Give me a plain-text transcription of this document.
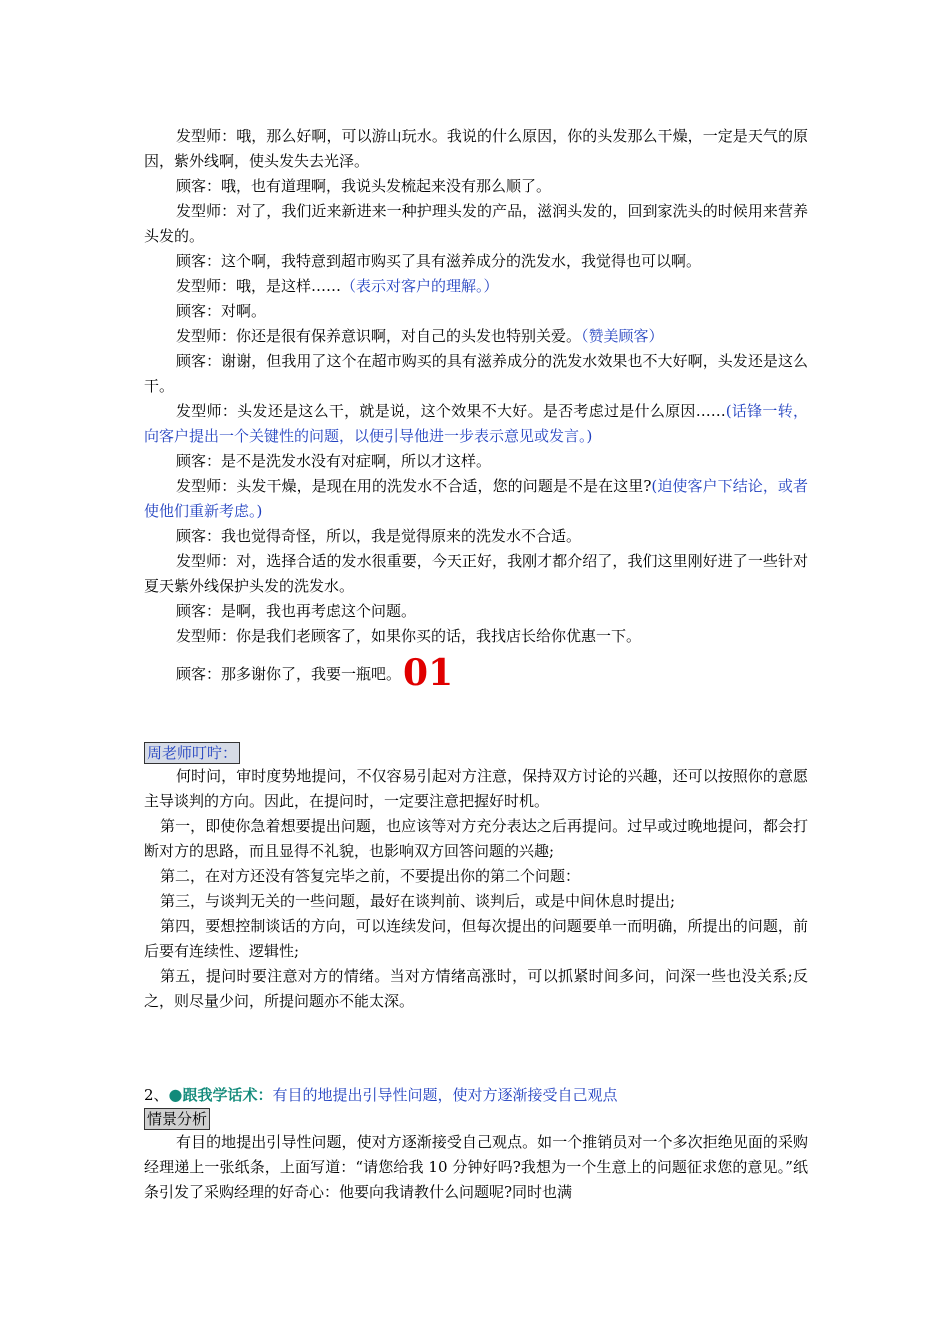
发型师：哦，那么好啊，可以游山玩水。我说的什么原因，你的头发那么干燥，一定是天气的原因，紫外线啊，使头发失去光泽。

顾客：哦，也有道理啊，我说头发梳起来没有那么顺了。

发型师：对了，我们近来新进来一种护理头发的产品，滋润头发的，回到家洗头的时候用来营养头发的。

顾客：这个啊，我特意到超市购买了具有滋养成分的洗发水，我觉得也可以啊。

发型师：哦，是这样……（表示对客户的理解。）

顾客：对啊。

发型师：你还是很有保养意识啊，对自己的头发也特别关爱。（赞美顾客）

顾客：谢谢，但我用了这个在超市购买的具有滋养成分的洗发水效果也不大好啊，头发还是这么干。

发型师：头发还是这么干，就是说，这个效果不大好。是否考虑过是什么原因……(话锋一转，向客户提出一个关键性的问题，以便引导他进一步表示意见或发言。)

顾客：是不是洗发水没有对症啊，所以才这样。

发型师：头发干燥，是现在用的洗发水不合适，您的问题是不是在这里?(迫使客户下结论，或者使他们重新考虑。)

顾客：我也觉得奇怪，所以，我是觉得原来的洗发水不合适。

发型师：对，选择合适的发水很重要，今天正好，我刚才都介绍了，我们这里刚好进了一些针对夏天紫外线保护头发的洗发水。

顾客：是啊，我也再考虑这个问题。

发型师：你是我们老顾客了，如果你买的话，我找店长给你优惠一下。

顾客：那多谢你了，我要一瓶吧。01

周老师叮咛：

何时问，审时度势地提问，不仅容易引起对方注意，保持双方讨论的兴趣，还可以按照你的意愿主导谈判的方向。因此，在提问时，一定要注意把握好时机。

第一，即使你急着想要提出问题，也应该等对方充分表达之后再提问。过早或过晚地提问，都会打断对方的思路，而且显得不礼貌，也影响双方回答问题的兴趣;

第二，在对方还没有答复完毕之前，不要提出你的第二个问题：

第三，与谈判无关的一些问题，最好在谈判前、谈判后，或是中间休息时提出;

第四，要想控制谈话的方向，可以连续发问，但每次提出的问题要单一而明确，所提出的问题，前后要有连续性、逻辑性;

第五，提问时要注意对方的情绪。当对方情绪高涨时，可以抓紧时间多问，问深一些也没关系;反之，则尽量少问，所提问题亦不能太深。

2、●跟我学话术：有目的地提出引导性问题，使对方逐渐接受自己观点

情景分析

有目的地提出引导性问题，使对方逐渐接受自己观点。如一个推销员对一个多次拒绝见面的采购经理递上一张纸条，上面写道：“请您给我 10 分钟好吗?我想为一个生意上的问题征求您的意见。”纸条引发了采购经理的好奇心：他要向我请教什么问题呢?同时也满
